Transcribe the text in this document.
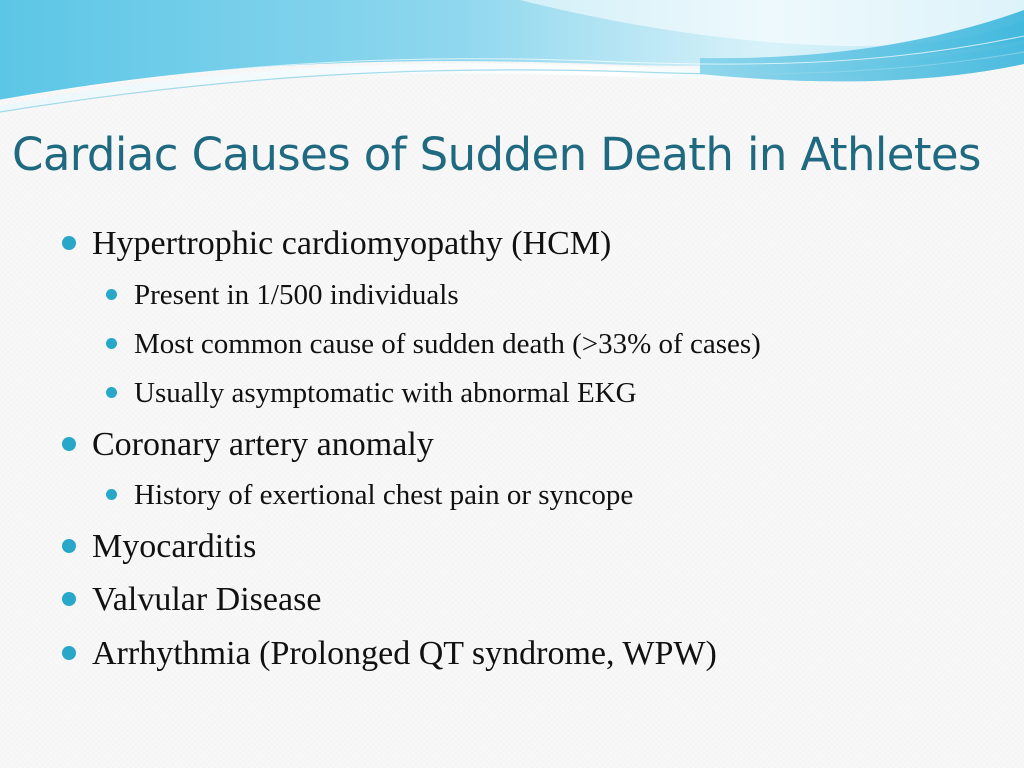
Cardiac Causes of Sudden Death in Athletes
Hypertrophic cardiomyopathy (HCM)
Present in 1/500 individuals
Most common cause of sudden death (>33% of cases)
Usually asymptomatic with abnormal EKG
Coronary artery anomaly
History of exertional chest pain or syncope
Myocarditis
Valvular Disease
Arrhythmia (Prolonged QT syndrome, WPW)
